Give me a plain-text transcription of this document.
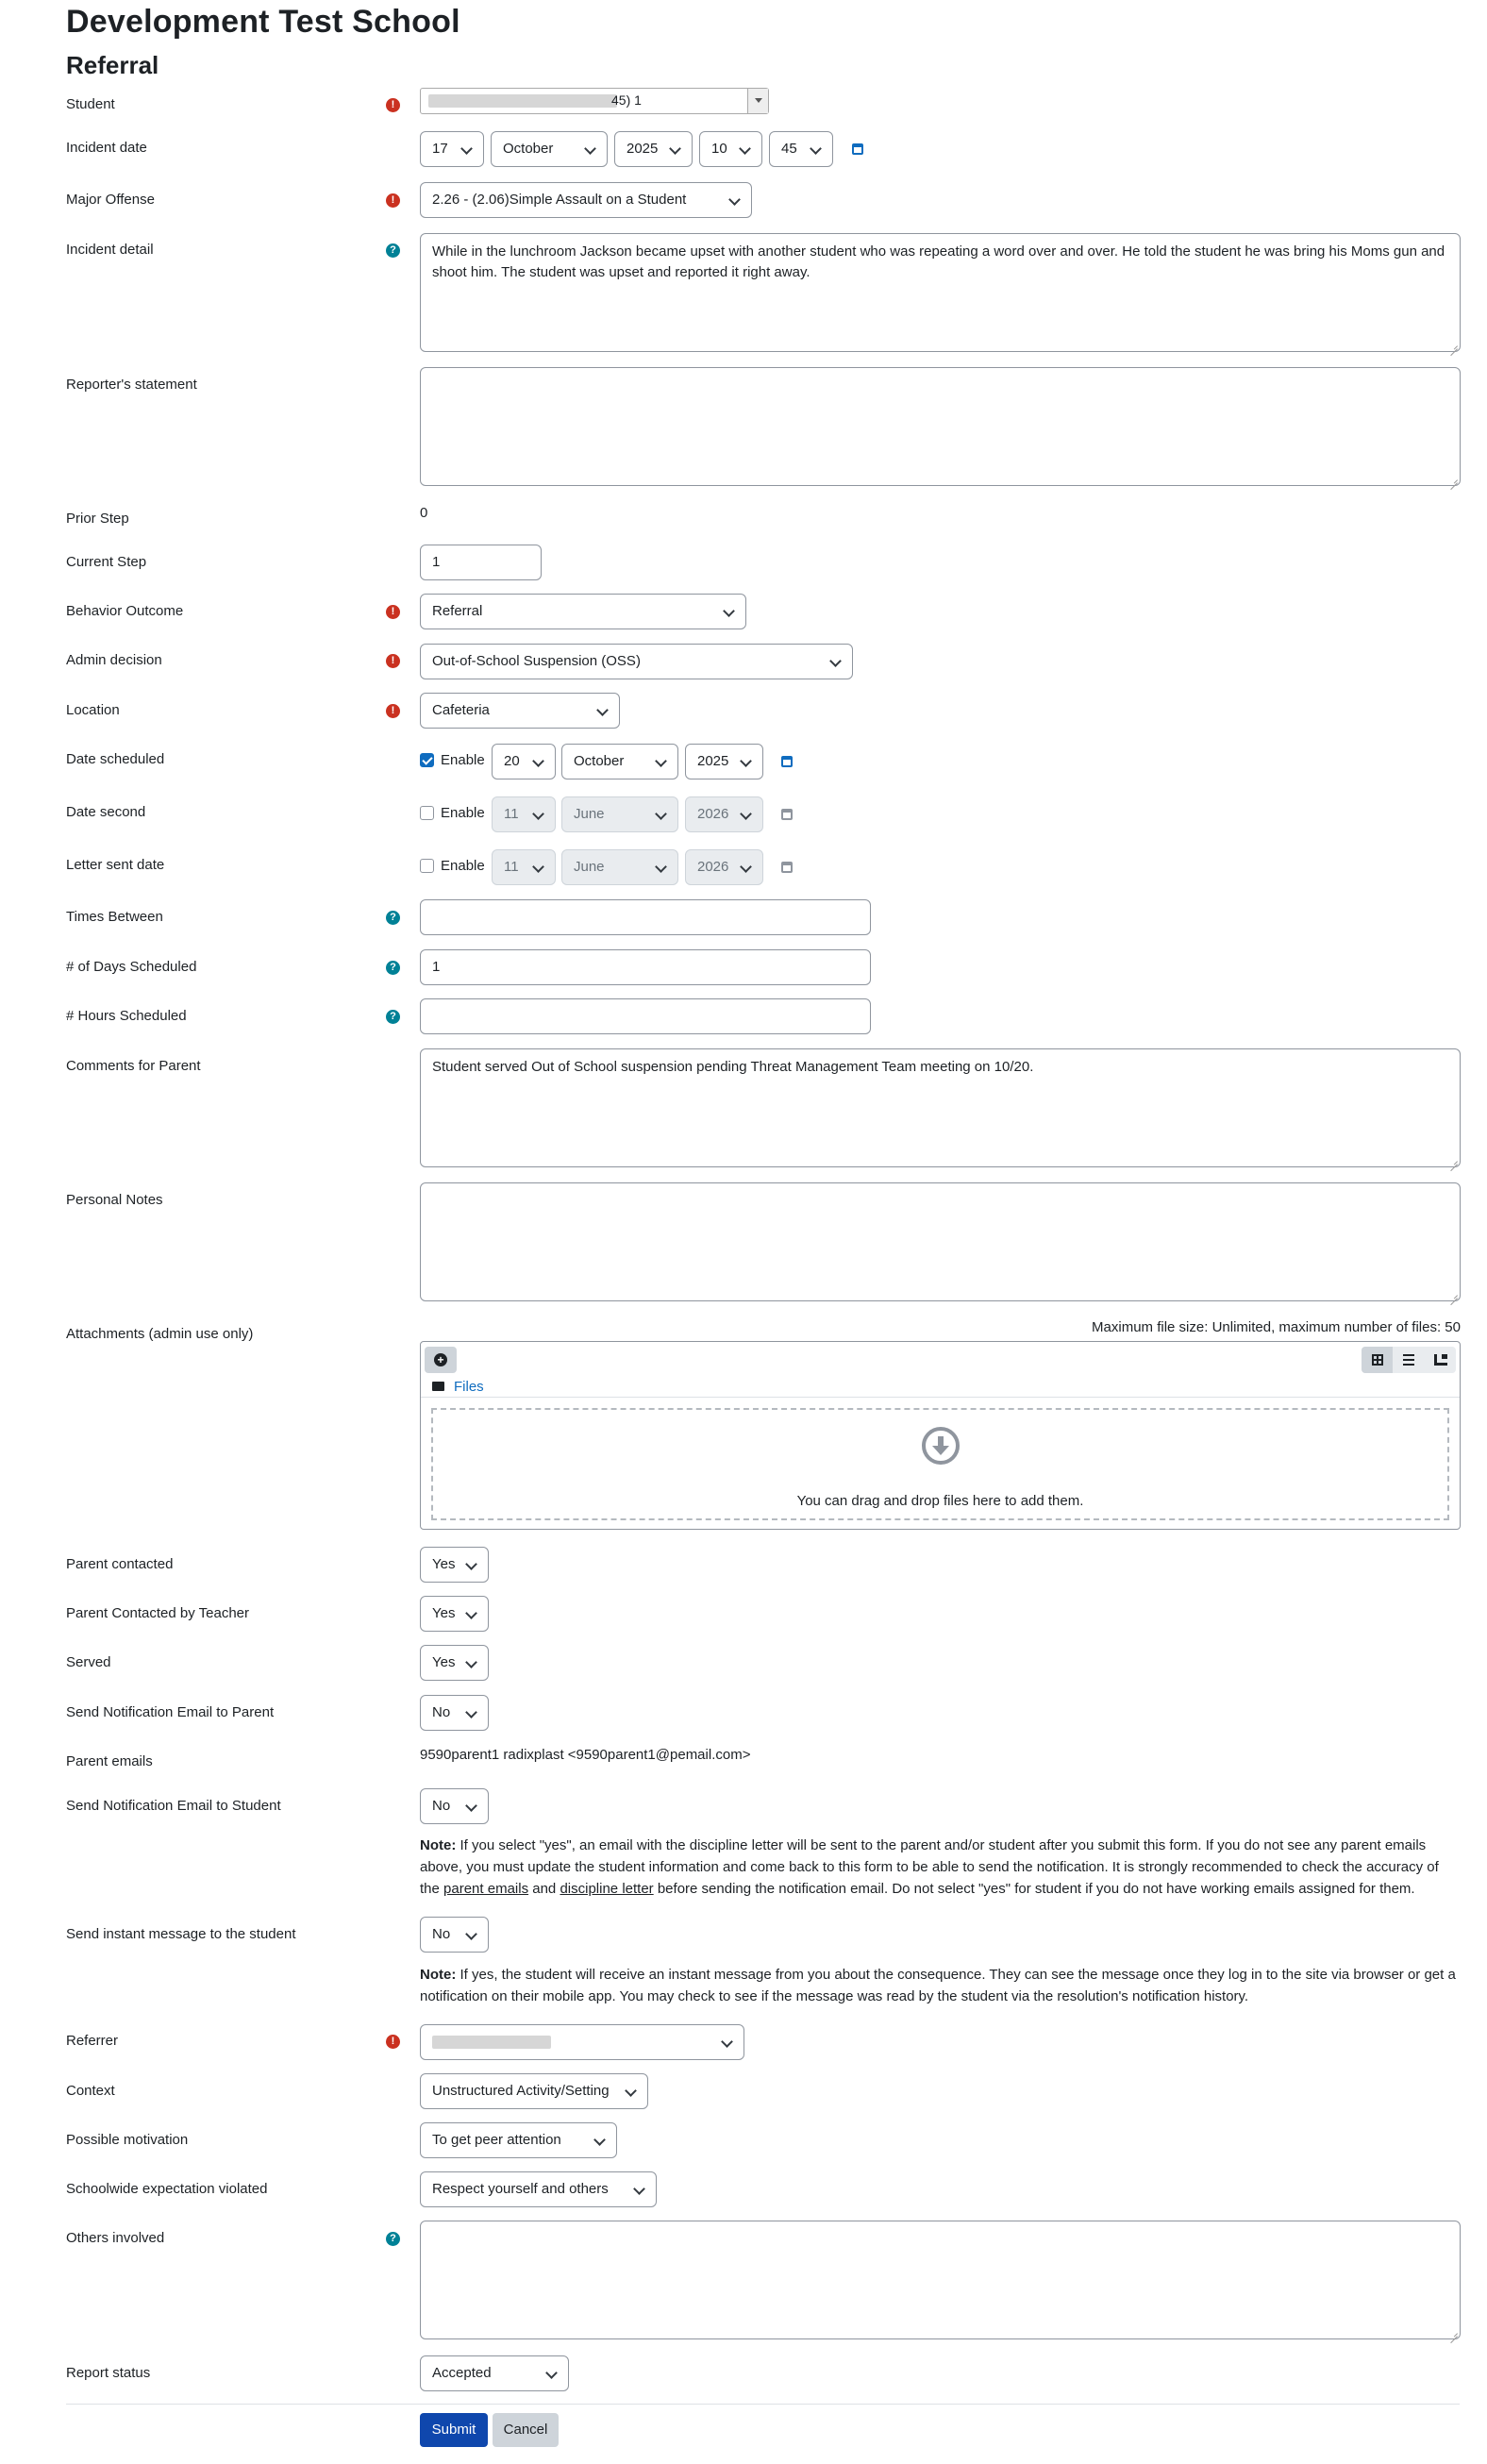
Development Test School
Referral
Student	!	45) 1
Incident date	17	October	2025	10	45
Major Offense	!	2.26 - (2.06)Simple Assault on a Student
Incident detail	?	While in the lunchroom Jackson became upset with another student who was repeating a word over and over. He told the student he was bring his Moms gun and shoot him. The student was upset and reported it right away.
Reporter's statement
Prior Step	0
Current Step	1
Behavior Outcome	!	Referral
Admin decision	!	Out-of-School Suspension (OSS)
Location	!	Cafeteria
Date scheduled	Enable	20	October	2025
Date second	Enable	11	June	2026
Letter sent date	Enable	11	June	2026
Times Between	?
# of Days Scheduled	?	1
# Hours Scheduled	?
Comments for Parent	Student served Out of School suspension pending Threat Management Team meeting on 10/20.
Personal Notes
Attachments (admin use only)	Maximum file size: Unlimited, maximum number of files: 50
+
Files
You can drag and drop files here to add them.
Parent contacted	Yes
Parent Contacted by Teacher	Yes
Served	Yes
Send Notification Email to Parent	No
Parent emails	9590parent1 radixplast <9590parent1@pemail.com>
Send Notification Email to Student	No
Note: If you select "yes", an email with the discipline letter will be sent to the parent and/or student after you submit this form. If you do not see any parent emails above, you must update the student information and come back to this form to be able to send the notification. It is strongly recommended to check the accuracy of the parent emails and discipline letter before sending the notification email. Do not select "yes" for student if you do not have working emails assigned for them.
Send instant message to the student	No
Note: If yes, the student will receive an instant message from you about the consequence. They can see the message once they log in to the site via browser or get a notification on their mobile app. You may check to see if the message was read by the student via the resolution's notification history.
Referrer	!
Context	Unstructured Activity/Setting
Possible motivation	To get peer attention
Schoolwide expectation violated	Respect yourself and others
Others involved	?
Report status	Accepted
Submit	Cancel
